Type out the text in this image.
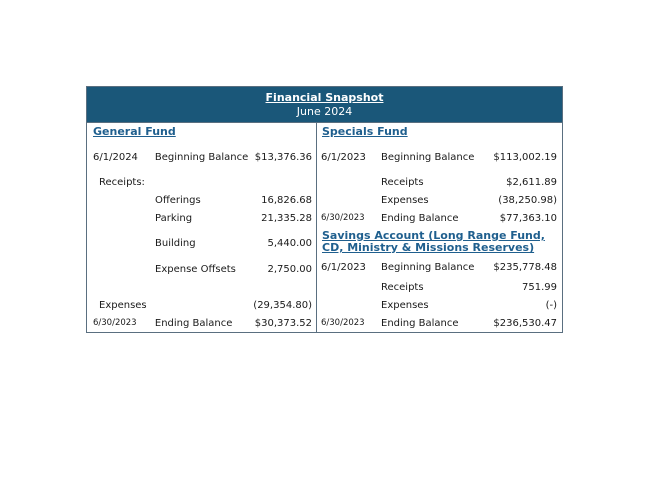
Financial Snapshot
June 2024
General Fund
6/1/2024	Beginning Balance $13,376.36
Receipts:
Offerings	16,826.68
Parking	21,335.28
Building	5,440.00
Expense Offsets	2,750.00
Expenses	(29,354.80)
6/30/2023	Ending Balance	$30,373.52
Specials Fund
6/1/2023	Beginning Balance	$113,002.19
Receipts	$2,611.89
Expenses	(38,250.98)
6/30/2023	Ending Balance	$77,363.10
Savings Account (Long Range Fund, CD, Ministry & Missions Reserves)
6/1/2023	Beginning Balance	$235,778.48
Receipts	751.99
Expenses	(-)
6/30/2023	Ending Balance	$236,530.47
